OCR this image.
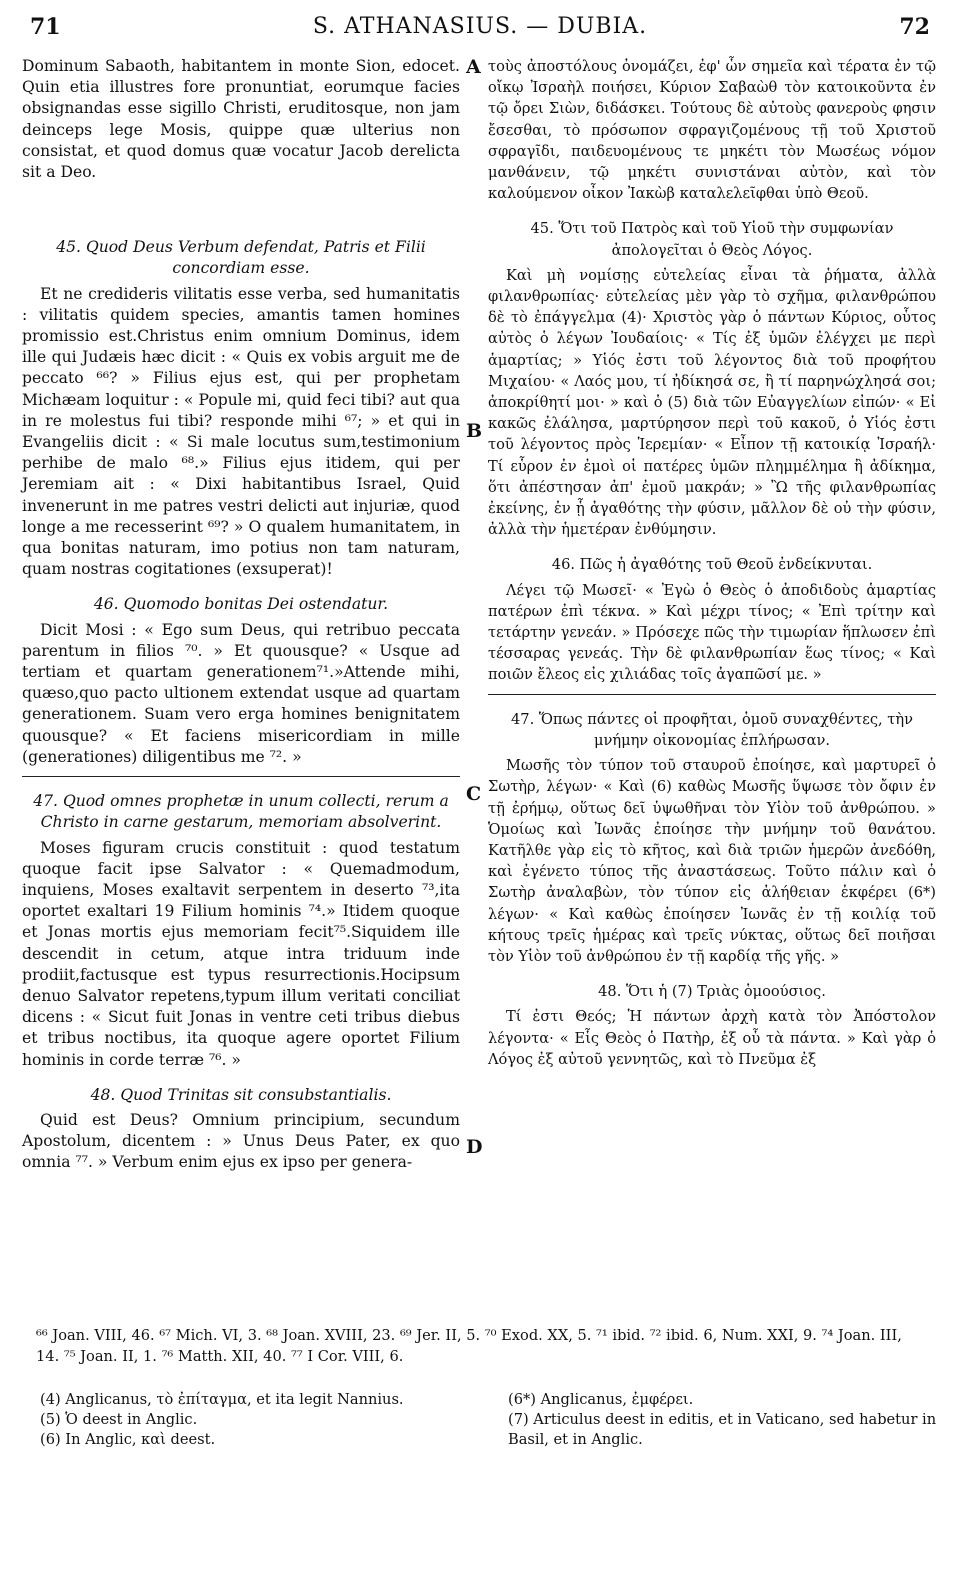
71	S. ATHANASIUS. — DUBIA.	72
A
B
C
D

Dominum Sabaoth, habitantem in monte Sion, edocet. Quin etia illustres fore pronuntiat, eorumque facies obsignandas esse sigillo Christi, eruditosque, non jam deinceps lege Mosis, quippe quæ ulterius non consistat, et quod domus quæ vocatur Jacob derelicta sit a Deo.

45. Quod Deus Verbum defendat, Patris et Filii concordiam esse.

Et ne credideris vilitatis esse verba, sed humanitatis : vilitatis quidem species, amantis tamen homines promissio est.Christus enim omnium Dominus, idem ille qui Judæis hæc dicit : « Quis ex vobis arguit me de peccato ⁶⁶? » Filius ejus est, qui per prophetam Michæam loquitur : « Popule mi, quid feci tibi? aut qua in re molestus fui tibi? responde mihi ⁶⁷; » et qui in Evangeliis dicit : « Si male locutus sum,testimonium perhibe de malo ⁶⁸.» Filius ejus itidem, qui per Jeremiam ait : « Dixi habitantibus Israel, Quid invenerunt in me patres vestri delicti aut injuriæ, quod longe a me recesserint ⁶⁹? » O qualem humanitatem, in qua bonitas naturam, imo potius non tam naturam, quam nostras cogitationes (exsuperat)!

46. Quomodo bonitas Dei ostendatur.

Dicit Mosi : « Ego sum Deus, qui retribuo peccata parentum in filios ⁷⁰. » Et quousque? « Usque ad tertiam et quartam generationem⁷¹.»Attende mihi, quæso,quo pacto ultionem extendat usque ad quartam generationem. Suam vero erga homines benignitatem quousque? « Et faciens misericordiam in mille (generationes) diligentibus me ⁷². »

47. Quod omnes prophetæ in unum collecti, rerum a Christo in carne gestarum, memoriam absolverint.

Moses figuram crucis constituit : quod testatum quoque facit ipse Salvator : « Quemadmodum, inquiens, Moses exaltavit serpentem in deserto ⁷³,ita oportet exaltari 19 Filium hominis ⁷⁴.» Itidem quoque et Jonas mortis ejus memoriam fecit⁷⁵.Siquidem ille descendit in cetum, atque intra triduum inde prodiit,factusque est typus resurrectionis.Hocipsum denuo Salvator repetens,typum illum veritati conciliat dicens : « Sicut fuit Jonas in ventre ceti tribus diebus et tribus noctibus, ita quoque agere oportet Filium hominis in corde terræ ⁷⁶. »

48. Quod Trinitas sit consubstantialis.

Quid est Deus? Omnium principium, secundum Apostolum, dicentem : » Unus Deus Pater, ex quo omnia ⁷⁷. » Verbum enim ejus ex ipso per genera-

τοὺς ἀποστόλους ὀνομάζει, ἐφ' ὧν σημεῖα καὶ τέρατα ἐν τῷ οἴκῳ Ἰσραὴλ ποιήσει, Κύριον Σαβαὼθ τὸν κατοικοῦντα ἐν τῷ ὄρει Σιὼν, διδάσκει. Τούτους δὲ αὐτοὺς φανεροὺς φησιν ἔσεσθαι, τὸ πρόσωπον σφραγιζομένους τῇ τοῦ Χριστοῦ σφραγῖδι, παιδευομένους τε μηκέτι τὸν Μωσέως νόμον μανθάνειν, τῷ μηκέτι συνιστάναι αὐτὸν, καὶ τὸν καλούμενον οἶκον Ἰακὼβ καταλελεῖφθαι ὑπὸ Θεοῦ.

45. Ὅτι τοῦ Πατρὸς καὶ τοῦ Υἱοῦ τὴν συμφωνίαν ἀπολογεῖται ὁ Θεὸς Λόγος.

Καὶ μὴ νομίσῃς εὐτελείας εἶναι τὰ ῥήματα, ἀλλὰ φιλανθρωπίας· εὐτελείας μὲν γὰρ τὸ σχῆμα, φιλανθρώπου δὲ τὸ ἐπάγγελμα (4)· Χριστὸς γὰρ ὁ πάντων Κύριος, οὗτος αὐτὸς ὁ λέγων Ἰουδαίοις· « Τίς ἐξ ὑμῶν ἐλέγχει με περὶ ἁμαρτίας; » Υἱός ἐστι τοῦ λέγοντος διὰ τοῦ προφήτου Μιχαίου· « Λαός μου, τί ἠδίκησά σε, ἢ τί παρηνώχλησά σοι; ἀποκρίθητί μοι· » καὶ ὁ (5) διὰ τῶν Εὐαγγελίων εἰπών· « Εἰ κακῶς ἐλάλησα, μαρτύρησον περὶ τοῦ κακοῦ, ὁ Υἱός ἐστι τοῦ λέγοντος πρὸς Ἱερεμίαν· « Εἶπον τῇ κατοικίᾳ Ἰσραήλ· Τί εὗρον ἐν ἐμοὶ οἱ πατέρες ὑμῶν πλημμέλημα ἢ ἀδίκημα, ὅτι ἀπέστησαν ἀπ' ἐμοῦ μακράν; » Ὢ τῆς φιλανθρωπίας ἐκείνης, ἐν ᾗ ἀγαθότης τὴν φύσιν, μᾶλλον δὲ οὐ τὴν φύσιν, ἀλλὰ τὴν ἡμετέραν ἐνθύμησιν.

46. Πῶς ἡ ἀγαθότης τοῦ Θεοῦ ἐνδείκνυται.

Λέγει τῷ Μωσεῖ· « Ἐγὼ ὁ Θεὸς ὁ ἀποδιδοὺς ἁμαρτίας πατέρων ἐπὶ τέκνα. » Καὶ μέχρι τίνος; « Ἐπὶ τρίτην καὶ τετάρτην γενεάν. » Πρόσεχε πῶς τὴν τιμωρίαν ἥπλωσεν ἐπὶ τέσσαρας γενεάς. Τὴν δὲ φιλανθρωπίαν ἕως τίνος; « Καὶ ποιῶν ἔλεος εἰς χιλιάδας τοῖς ἀγαπῶσί με. »

47. Ὅπως πάντες οἱ προφῆται, ὁμοῦ συναχθέντες, τὴν μνήμην οἰκονομίας ἐπλήρωσαν.

Μωσῆς τὸν τύπον τοῦ σταυροῦ ἐποίησε, καὶ μαρτυρεῖ ὁ Σωτὴρ, λέγων· « Καὶ (6) καθὼς Μωσῆς ὕψωσε τὸν ὄφιν ἐν τῇ ἐρήμῳ, οὕτως δεῖ ὑψωθῆναι τὸν Υἱὸν τοῦ ἀνθρώπου. » Ὁμοίως καὶ Ἰωνᾶς ἐποίησε τὴν μνήμην τοῦ θανάτου. Κατῆλθε γὰρ εἰς τὸ κῆτος, καὶ διὰ τριῶν ἡμερῶν ἀνεδόθη, καὶ ἐγένετο τύπος τῆς ἀναστάσεως. Τοῦτο πάλιν καὶ ὁ Σωτὴρ ἀναλαβὼν, τὸν τύπον εἰς ἀλήθειαν ἐκφέρει (6*) λέγων· « Καὶ καθὼς ἐποίησεν Ἰωνᾶς ἐν τῇ κοιλίᾳ τοῦ κήτους τρεῖς ἡμέρας καὶ τρεῖς νύκτας, οὕτως δεῖ ποιῆσαι τὸν Υἱὸν τοῦ ἀνθρώπου ἐν τῇ καρδίᾳ τῆς γῆς. »

48. Ὅτι ἡ (7) Τριὰς ὁμοούσιος.

Τί ἐστι Θεός; Ἡ πάντων ἀρχὴ κατὰ τὸν Ἀπόστολον λέγοντα· « Εἷς Θεὸς ὁ Πατὴρ, ἐξ οὗ τὰ πάντα. » Καὶ γὰρ ὁ Λόγος ἐξ αὐτοῦ γεννητῶς, καὶ τὸ Πνεῦμα ἐξ

⁶⁶ Joan. VIII, 46. ⁶⁷ Mich. VI, 3. ⁶⁸ Joan. XVIII, 23. ⁶⁹ Jer. II, 5. ⁷⁰ Exod. XX, 5. ⁷¹ ibid. ⁷² ibid. 6, Num. XXI, 9. ⁷⁴ Joan. III, 14. ⁷⁵ Joan. II, 1. ⁷⁶ Matth. XII, 40. ⁷⁷ I Cor. VIII, 6.
(4) Anglicanus, τὸ ἐπίταγμα, et ita legit Nannius.
(5) Ὁ deest in Anglic.
(6) In Anglic, καὶ deest.
(6*) Anglicanus, ἐμφέρει.
(7) Articulus deest in editis, et in Vaticano, sed habetur in Basil, et in Anglic.
